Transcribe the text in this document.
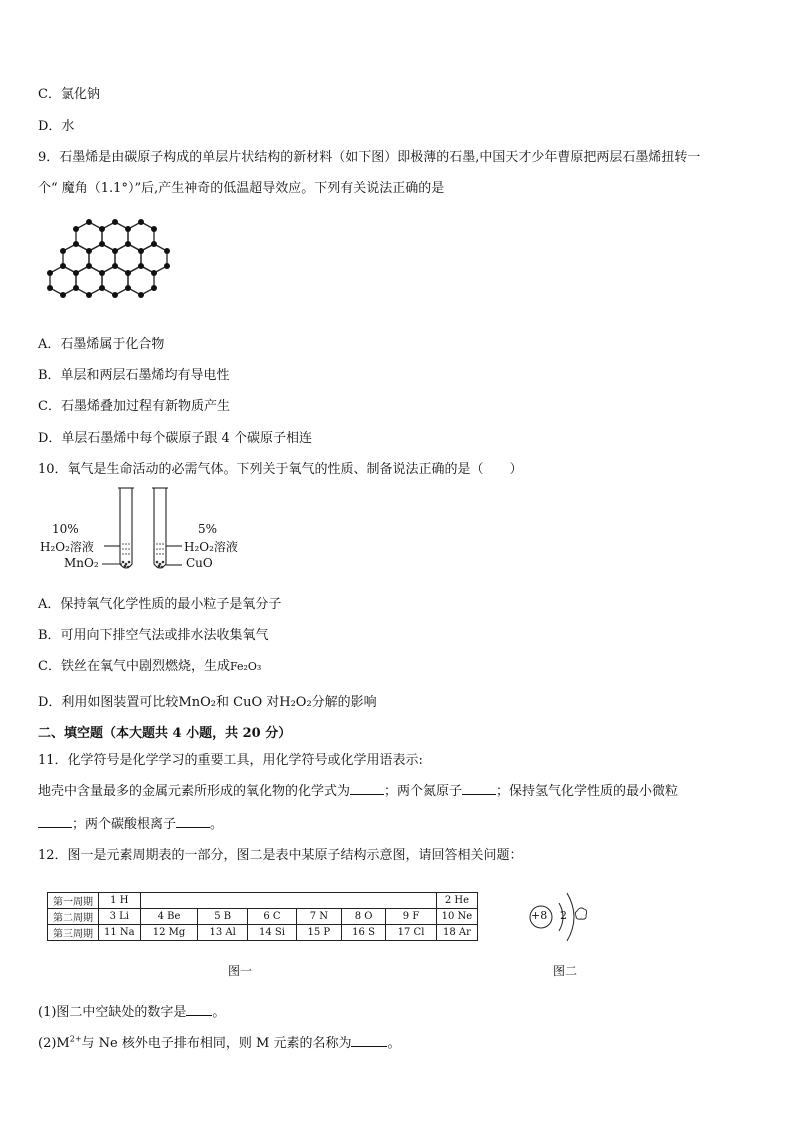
C．氯化钠
D．水
9．石墨烯是由碳原子构成的单层片状结构的新材料（如下图）即极薄的石墨,中国天才少年曹原把两层石墨烯扭转一
个“ 魔角（1.1°）”后,产生神奇的低温超导效应。下列有关说法正确的是
A．石墨烯属于化合物
B．单层和两层石墨烯均有导电性
C．石墨烯叠加过程有新物质产生
D．单层石墨烯中每个碳原子跟 4 个碳原子相连
10．氧气是生命活动的必需气体。下列关于氧气的性质、制备说法正确的是（　　）
10%
H₂O₂溶液
MnO₂
5%
H₂O₂溶液
CuO
A．保持氧气化学性质的最小粒子是氧分子
B．可用向下排空气法或排水法收集氧气
C．铁丝在氧气中剧烈燃烧，生成Fe₂O₃
D．利用如图装置可比较MnO₂和 CuO 对H₂O₂分解的影响
二、填空题（本大题共 4 小题，共 20 分）
11．化学符号是化学学习的重要工具，用化学符号或化学用语表示:
地壳中含量最多的金属元素所形成的氧化物的化学式为	；两个氮原子	；保持氢气化学性质的最小微粒
；两个碳酸根离子	。
12．图一是元素周期表的一部分，图二是表中某原子结构示意图，请回答相关问题：
第一周期	1 H							2 He
第二周期	3 Li	4 Be	5 B	6 C	7 N	8 O	9 F	10 Ne
第三周期	11 Na	12 Mg	13 Al	14 Si	15 P	16 S	17 Cl	18 Ar
+8 2
图一	图二
(1)图二中空缺处的数字是 。
$(2)M^{2+}$与 Ne 核外电子排布相同，则 M 元素的名称为	。
